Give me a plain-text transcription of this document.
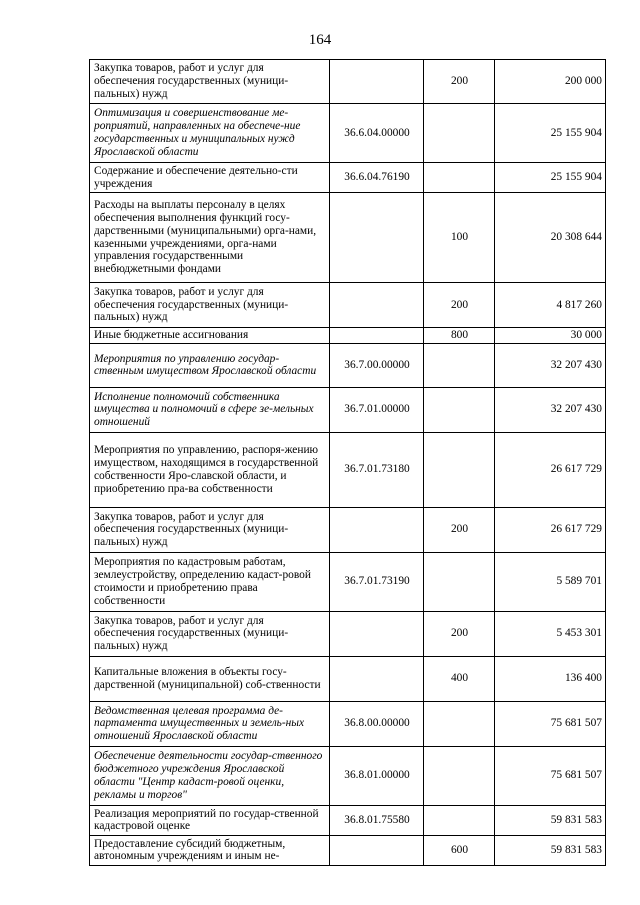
164
Закупка товаров, работ и услуг для обеспечения государственных (муници-пальных) нужд		200	200 000
Оптимизация и совершенствование ме-роприятий, направленных на обеспече-ние государственных и муниципальных нужд Ярославской области	36.6.04.00000		25 155 904
Содержание и обеспечение деятельно-сти учреждения	36.6.04.76190		25 155 904
Расходы на выплаты персоналу в целях обеспечения выполнения функций госу-дарственными (муниципальными) орга-нами, казенными учреждениями, орга-нами управления государственными внебюджетными фондами		100	20 308 644
Закупка товаров, работ и услуг для обеспечения государственных (муници-пальных) нужд		200	4 817 260
Иные бюджетные ассигнования		800	30 000
Мероприятия по управлению государ-ственным имуществом Ярославской области	36.7.00.00000		32 207 430
Исполнение полномочий собственника имущества и полномочий в сфере зе-мельных отношений	36.7.01.00000		32 207 430
Мероприятия по управлению, распоря-жению имуществом, находящимся в государственной собственности Яро-славской области, и приобретению пра-ва собственности	36.7.01.73180		26 617 729
Закупка товаров, работ и услуг для обеспечения государственных (муници-пальных) нужд		200	26 617 729
Мероприятия по кадастровым работам, землеустройству, определению кадаст-ровой стоимости и приобретению права собственности	36.7.01.73190		5 589 701
Закупка товаров, работ и услуг для обеспечения государственных (муници-пальных) нужд		200	5 453 301
Капитальные вложения в объекты госу-дарственной (муниципальной) соб-ственности		400	136 400
Ведомственная целевая программа де-партамента имущественных и земель-ных отношений Ярославской области	36.8.00.00000		75 681 507
Обеспечение деятельности государ-ственного бюджетного учреждения Ярославской области "Центр кадаст-ровой оценки, рекламы и торгов"	36.8.01.00000		75 681 507
Реализация мероприятий по государ-ственной кадастровой оценке	36.8.01.75580		59 831 583
Предоставление субсидий бюджетным, автономным учреждениям и иным не-		600	59 831 583
